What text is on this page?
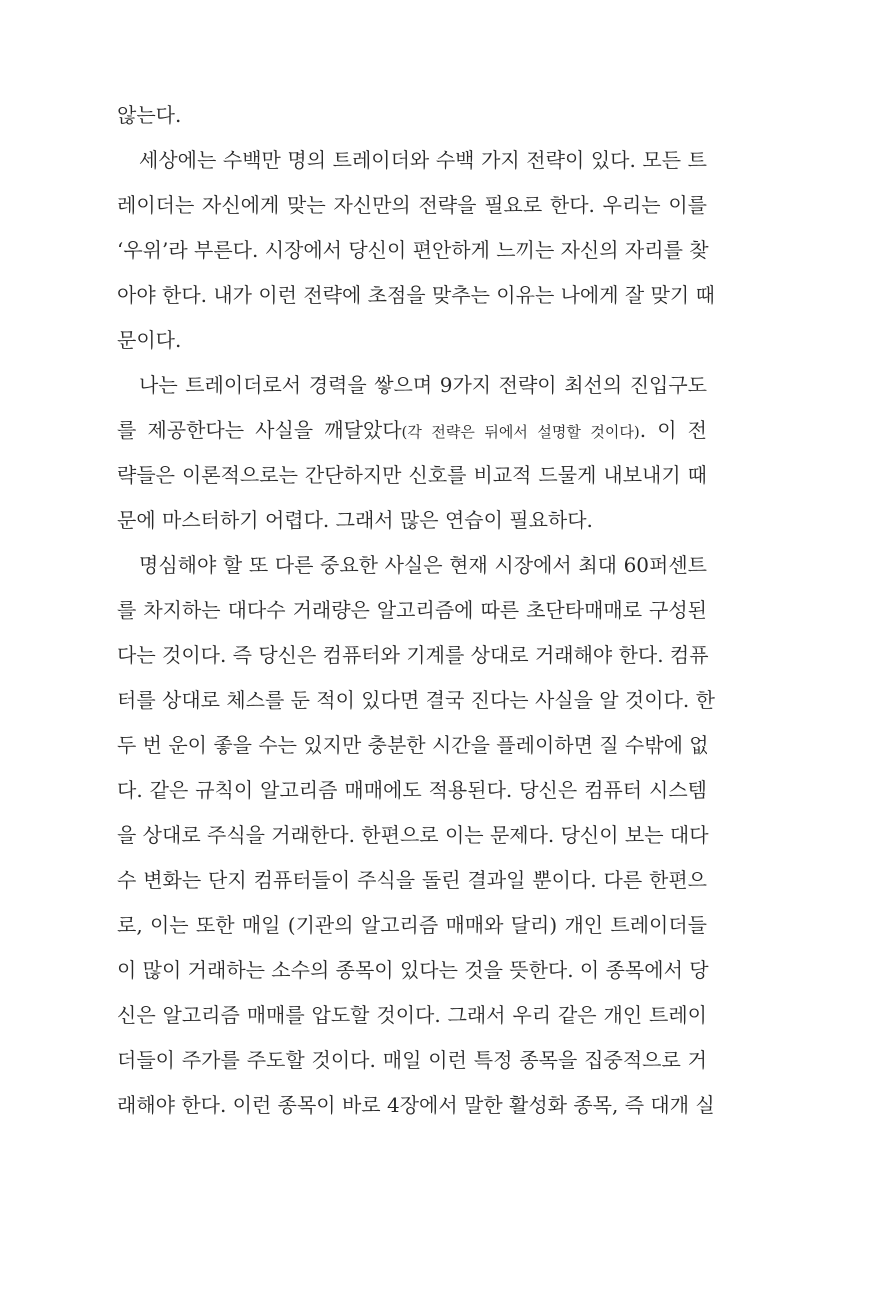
않는다.
세상에는 수백만 명의 트레이더와 수백 가지 전략이 있다. 모든 트
레이더는 자신에게 맞는 자신만의 전략을 필요로 한다. 우리는 이를
‘우위’라 부른다. 시장에서 당신이 편안하게 느끼는 자신의 자리를 찾
아야 한다. 내가 이런 전략에 초점을 맞추는 이유는 나에게 잘 맞기 때
문이다.
나는 트레이더로서 경력을 쌓으며 9가지 전략이 최선의 진입구도
를 제공한다는 사실을 깨달았다(각 전략은 뒤에서 설명할 것이다). 이 전
략들은 이론적으로는 간단하지만 신호를 비교적 드물게 내보내기 때
문에 마스터하기 어렵다. 그래서 많은 연습이 필요하다.
명심해야 할 또 다른 중요한 사실은 현재 시장에서 최대 60퍼센트
를 차지하는 대다수 거래량은 알고리즘에 따른 초단타매매로 구성된
다는 것이다. 즉 당신은 컴퓨터와 기계를 상대로 거래해야 한다. 컴퓨
터를 상대로 체스를 둔 적이 있다면 결국 진다는 사실을 알 것이다. 한
두 번 운이 좋을 수는 있지만 충분한 시간을 플레이하면 질 수밖에 없
다. 같은 규칙이 알고리즘 매매에도 적용된다. 당신은 컴퓨터 시스템
을 상대로 주식을 거래한다. 한편으로 이는 문제다. 당신이 보는 대다
수 변화는 단지 컴퓨터들이 주식을 돌린 결과일 뿐이다. 다른 한편으
로, 이는 또한 매일 (기관의 알고리즘 매매와 달리) 개인 트레이더들
이 많이 거래하는 소수의 종목이 있다는 것을 뜻한다. 이 종목에서 당
신은 알고리즘 매매를 압도할 것이다. 그래서 우리 같은 개인 트레이
더들이 주가를 주도할 것이다. 매일 이런 특정 종목을 집중적으로 거
래해야 한다. 이런 종목이 바로 4장에서 말한 활성화 종목, 즉 대개 실
